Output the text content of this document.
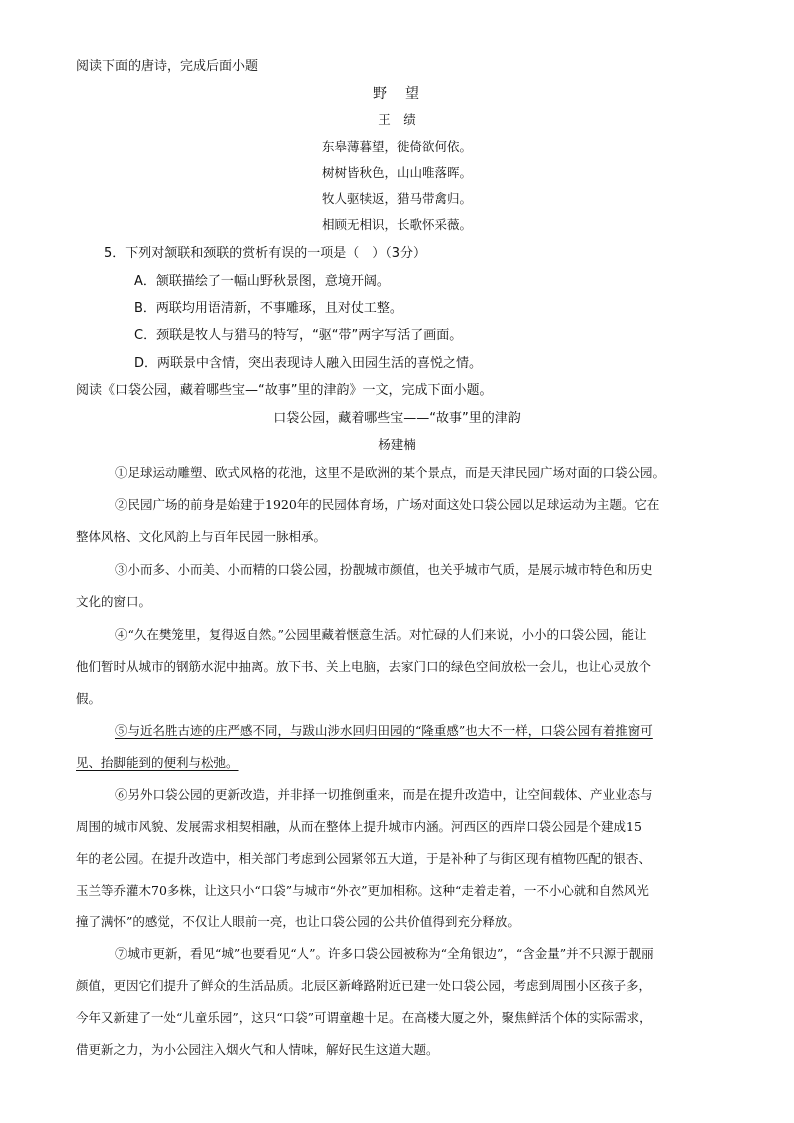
阅读下面的唐诗，完成后面小题
野　望
王　绩
东皋薄暮望，徙倚欲何依。
树树皆秋色，山山唯落晖。
牧人驱犊返，猎马带禽归。
相顾无相识，长歌怀采薇。
5．下列对颔联和颈联的赏析有误的一项是（　）（3分）
A．颔联描绘了一幅山野秋景图，意境开阔。
B．两联均用语清新，不事雕琢，且对仗工整。
C．颈联是牧人与猎马的特写，“驱“带”两字写活了画面。
D．两联景中含情，突出表现诗人融入田园生活的喜悦之情。
阅读《口袋公园，藏着哪些宝—“故事”里的津韵》一文，完成下面小题。
口袋公园，藏着哪些宝——“故事”里的津韵
杨建楠
①足球运动雕塑、欧式风格的花池，这里不是欧洲的某个景点，而是天津民园广场对面的口袋公园。
②民园广场的前身是始建于1920年的民园体育场，广场对面这处口袋公园以足球运动为主题。它在
整体风格、文化风韵上与百年民园一脉相承。
③小而多、小而美、小而精的口袋公园，扮靓城市颜值，也关乎城市气质，是展示城市特色和历史
文化的窗口。
④“久在樊笼里，复得返自然。”公园里藏着惬意生活。对忙碌的人们来说，小小的口袋公园，能让
他们暂时从城市的钢筋水泥中抽离。放下书、关上电脑，去家门口的绿色空间放松一会儿，也让心灵放个
假。
⑤与近名胜古迹的庄严感不同，与跋山涉水回归田园的“隆重感”也大不一样，口袋公园有着推窗可
见、抬脚能到的便利与松弛。
⑥另外口袋公园的更新改造，并非择一切推倒重来，而是在提升改造中，让空间载体、产业业态与
周围的城市风貌、发展需求相契相融，从而在整体上提升城市内涵。河西区的西岸口袋公园是个建成15
年的老公园。在提升改造中，相关部门考虑到公园紧邻五大道，于是补种了与街区现有植物匹配的银杏、
玉兰等乔灌木70多株，让这只小“口袋”与城市“外衣”更加相称。这种“走着走着，一不小心就和自然风光
撞了满怀”的感觉，不仅让人眼前一亮，也让口袋公园的公共价值得到充分释放。
⑦城市更新，看见“城”也要看见“人”。许多口袋公园被称为“全角银边”，“含金量”并不只源于靓丽
颜值，更因它们提升了鲜众的生活品质。北辰区新峰路附近已建一处口袋公园，考虑到周围小区孩子多，
今年又新建了一处“儿童乐园”，这只“口袋”可谓童趣十足。在高楼大厦之外，聚焦鲜活个体的实际需求，
借更新之力，为小公园注入烟火气和人情味，解好民生这道大题。
